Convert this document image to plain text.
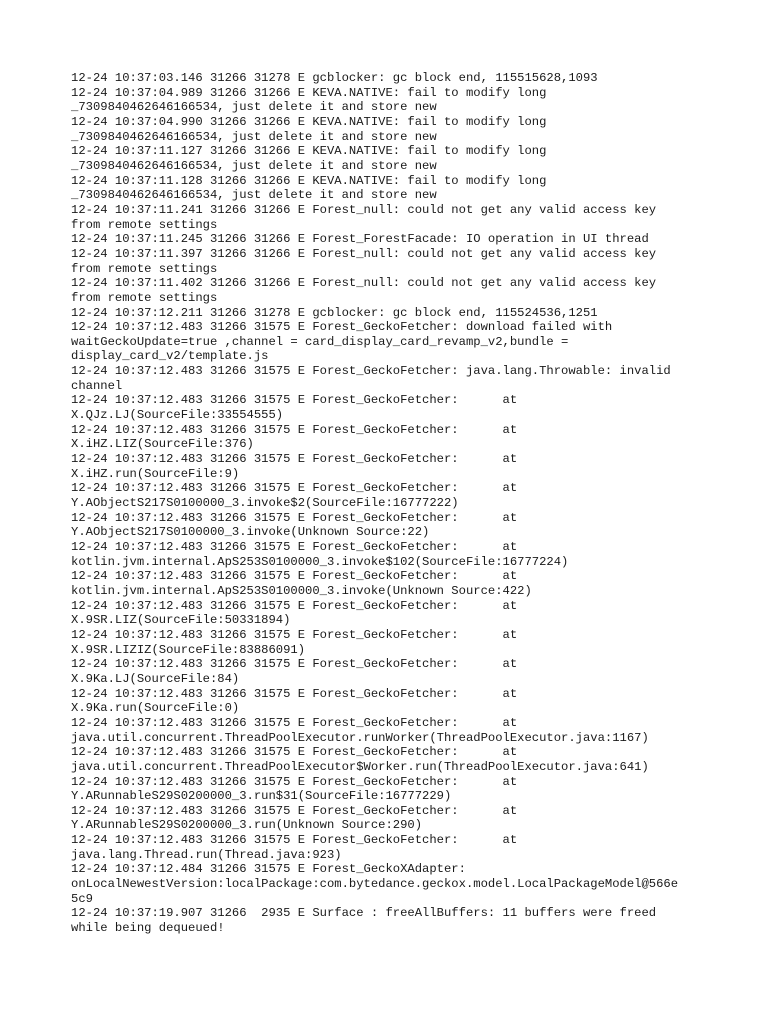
12-24 10:37:03.146 31266 31278 E gcblocker: gc block end, 115515628,1093
12-24 10:37:04.989 31266 31266 E KEVA.NATIVE: fail to modify long
_7309840462646166534, just delete it and store new
12-24 10:37:04.990 31266 31266 E KEVA.NATIVE: fail to modify long
_7309840462646166534, just delete it and store new
12-24 10:37:11.127 31266 31266 E KEVA.NATIVE: fail to modify long
_7309840462646166534, just delete it and store new
12-24 10:37:11.128 31266 31266 E KEVA.NATIVE: fail to modify long
_7309840462646166534, just delete it and store new
12-24 10:37:11.241 31266 31266 E Forest_null: could not get any valid access key
from remote settings
12-24 10:37:11.245 31266 31266 E Forest_ForestFacade: IO operation in UI thread
12-24 10:37:11.397 31266 31266 E Forest_null: could not get any valid access key
from remote settings
12-24 10:37:11.402 31266 31266 E Forest_null: could not get any valid access key
from remote settings
12-24 10:37:12.211 31266 31278 E gcblocker: gc block end, 115524536,1251
12-24 10:37:12.483 31266 31575 E Forest_GeckoFetcher: download failed with
waitGeckoUpdate=true ,channel = card_display_card_revamp_v2,bundle =
display_card_v2/template.js
12-24 10:37:12.483 31266 31575 E Forest_GeckoFetcher: java.lang.Throwable: invalid
channel
12-24 10:37:12.483 31266 31575 E Forest_GeckoFetcher:      at
X.QJz.LJ(SourceFile:33554555)
12-24 10:37:12.483 31266 31575 E Forest_GeckoFetcher:      at
X.iHZ.LIZ(SourceFile:376)
12-24 10:37:12.483 31266 31575 E Forest_GeckoFetcher:      at
X.iHZ.run(SourceFile:9)
12-24 10:37:12.483 31266 31575 E Forest_GeckoFetcher:      at
Y.AObjectS217S0100000_3.invoke$2(SourceFile:16777222)
12-24 10:37:12.483 31266 31575 E Forest_GeckoFetcher:      at
Y.AObjectS217S0100000_3.invoke(Unknown Source:22)
12-24 10:37:12.483 31266 31575 E Forest_GeckoFetcher:      at
kotlin.jvm.internal.ApS253S0100000_3.invoke$102(SourceFile:16777224)
12-24 10:37:12.483 31266 31575 E Forest_GeckoFetcher:      at
kotlin.jvm.internal.ApS253S0100000_3.invoke(Unknown Source:422)
12-24 10:37:12.483 31266 31575 E Forest_GeckoFetcher:      at
X.9SR.LIZ(SourceFile:50331894)
12-24 10:37:12.483 31266 31575 E Forest_GeckoFetcher:      at
X.9SR.LIZIZ(SourceFile:83886091)
12-24 10:37:12.483 31266 31575 E Forest_GeckoFetcher:      at
X.9Ka.LJ(SourceFile:84)
12-24 10:37:12.483 31266 31575 E Forest_GeckoFetcher:      at
X.9Ka.run(SourceFile:0)
12-24 10:37:12.483 31266 31575 E Forest_GeckoFetcher:      at
java.util.concurrent.ThreadPoolExecutor.runWorker(ThreadPoolExecutor.java:1167)
12-24 10:37:12.483 31266 31575 E Forest_GeckoFetcher:      at
java.util.concurrent.ThreadPoolExecutor$Worker.run(ThreadPoolExecutor.java:641)
12-24 10:37:12.483 31266 31575 E Forest_GeckoFetcher:      at
Y.ARunnableS29S0200000_3.run$31(SourceFile:16777229)
12-24 10:37:12.483 31266 31575 E Forest_GeckoFetcher:      at
Y.ARunnableS29S0200000_3.run(Unknown Source:290)
12-24 10:37:12.483 31266 31575 E Forest_GeckoFetcher:      at
java.lang.Thread.run(Thread.java:923)
12-24 10:37:12.484 31266 31575 E Forest_GeckoXAdapter:
onLocalNewestVersion:localPackage:com.bytedance.geckox.model.LocalPackageModel@566e
5c9
12-24 10:37:19.907 31266  2935 E Surface : freeAllBuffers: 11 buffers were freed
while being dequeued!
